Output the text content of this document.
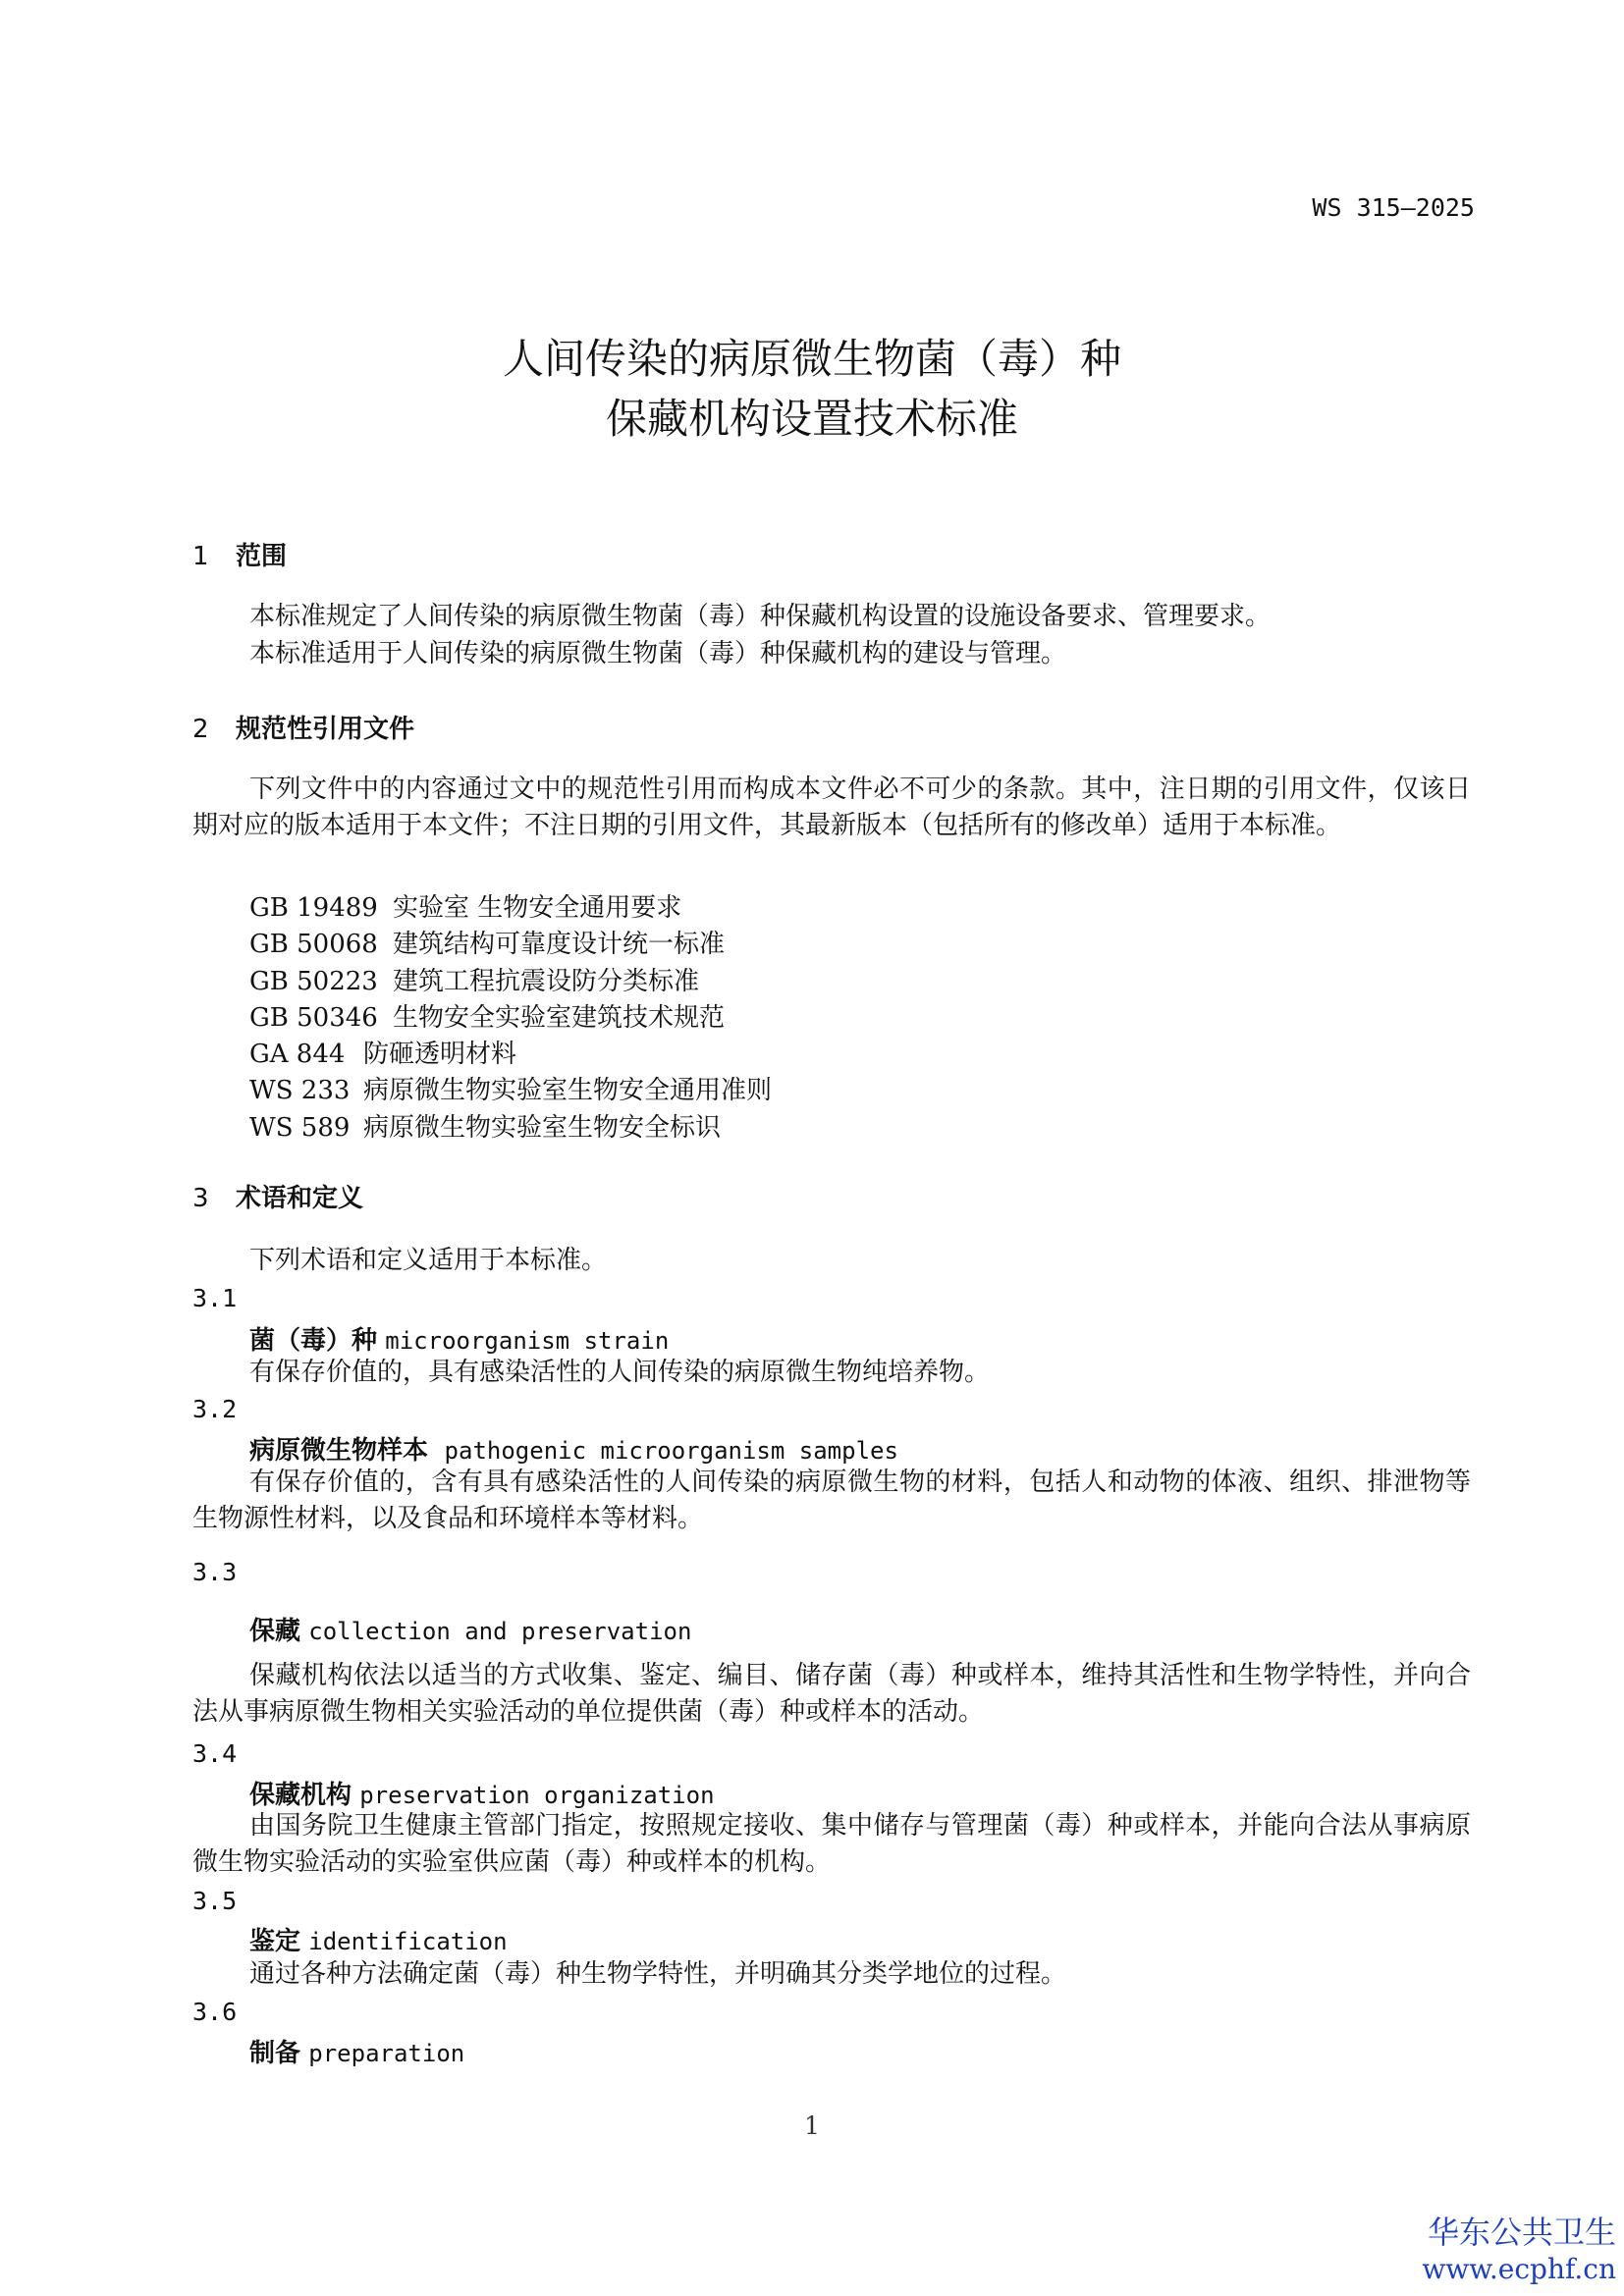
WS 315—2025
人间传染的病原微生物菌（毒）种
保藏机构设置技术标准
1 范围
本标准规定了人间传染的病原微生物菌（毒）种保藏机构设置的设施设备要求、管理要求。
本标准适用于人间传染的病原微生物菌（毒）种保藏机构的建设与管理。
2 规范性引用文件
下列文件中的内容通过文中的规范性引用而构成本文件必不可少的条款。其中，注日期的引用文件，仅该日期对应的版本适用于本文件；不注日期的引用文件，其最新版本（包括所有的修改单）适用于本标准。
GB 19489 实验室 生物安全通用要求
GB 50068 建筑结构可靠度设计统一标准
GB 50223 建筑工程抗震设防分类标准
GB 50346 生物安全实验室建筑技术规范
GA 844 防砸透明材料
WS 233 病原微生物实验室生物安全通用准则
WS 589 病原微生物实验室生物安全标识
3 术语和定义
下列术语和定义适用于本标准。
3.1
菌（毒）种 microorganism strain
有保存价值的，具有感染活性的人间传染的病原微生物纯培养物。
3.2
病原微生物样本 pathogenic microorganism samples
有保存价值的，含有具有感染活性的人间传染的病原微生物的材料，包括人和动物的体液、组织、排泄物等生物源性材料，以及食品和环境样本等材料。
3.3
保藏 collection and preservation
保藏机构依法以适当的方式收集、鉴定、编目、储存菌（毒）种或样本，维持其活性和生物学特性，并向合法从事病原微生物相关实验活动的单位提供菌（毒）种或样本的活动。
3.4
保藏机构 preservation organization
由国务院卫生健康主管部门指定，按照规定接收、集中储存与管理菌（毒）种或样本，并能向合法从事病原微生物实验活动的实验室供应菌（毒）种或样本的机构。
3.5
鉴定 identification
通过各种方法确定菌（毒）种生物学特性，并明确其分类学地位的过程。
3.6
制备 preparation
1
华东公共卫生
www.ecphf.cn
